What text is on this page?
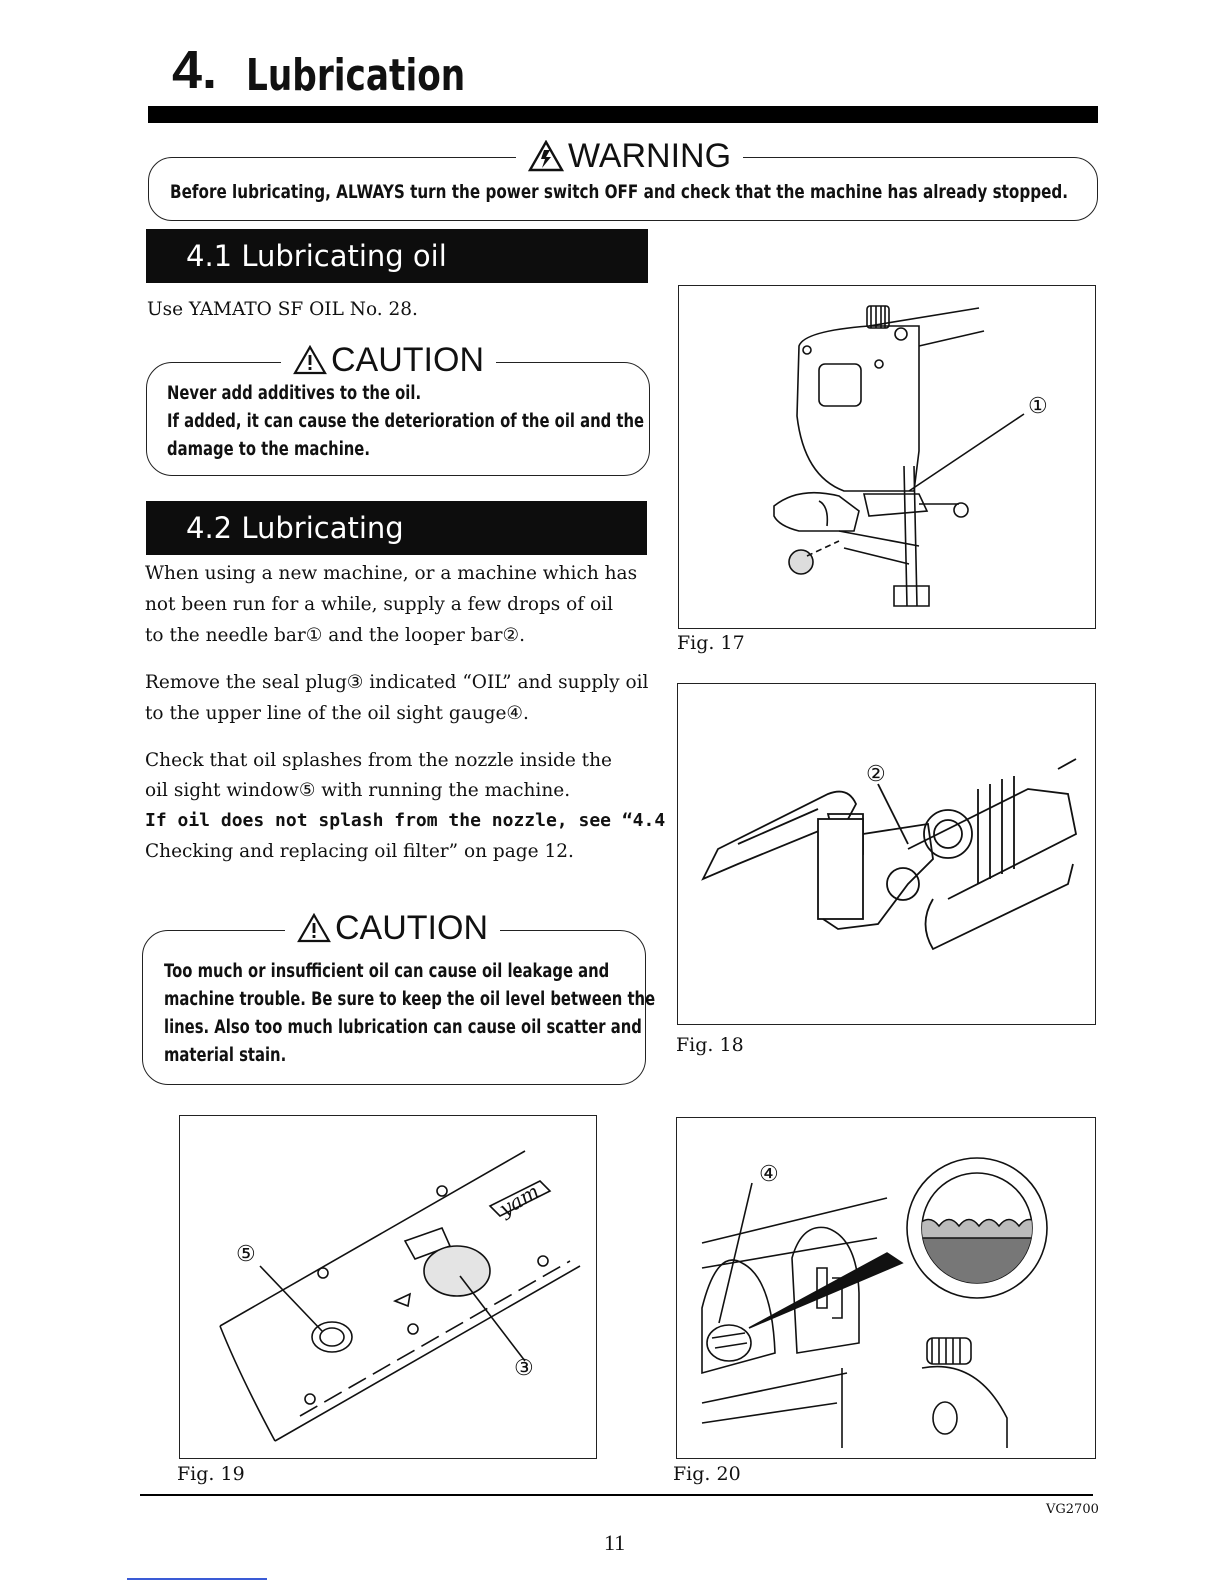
4. Lubrication
WARNING
Before lubricating, ALWAYS turn the power switch OFF and check that the machine has already stopped.
4.1 Lubricating oil
Use YAMATO SF OIL No. 28.
CAUTION
Never add additives to the oil.
If added, it can cause the deterioration of the oil and the
damage to the machine.
4.2 Lubricating
When using a new machine, or a machine which has
not been run for a while, supply a few drops of oil
to the needle bar① and the looper bar②.
Remove the seal plug③ indicated “OIL” and supply oil
to the upper line of the oil sight gauge④.
Check that oil splashes from the nozzle inside the
oil sight window⑤ with running the machine.
If oil does not splash from the nozzle, see “4.4
Checking and replacing oil filter” on page 12.
CAUTION
Too much or insufficient oil can cause oil leakage and
machine trouble. Be sure to keep the oil level between the
lines. Also too much lubrication can cause oil scatter and
material stain.
①
Fig. 17
②
Fig. 18
⑤
③
yam
Fig. 19
④
Fig. 20
11
VG2700
